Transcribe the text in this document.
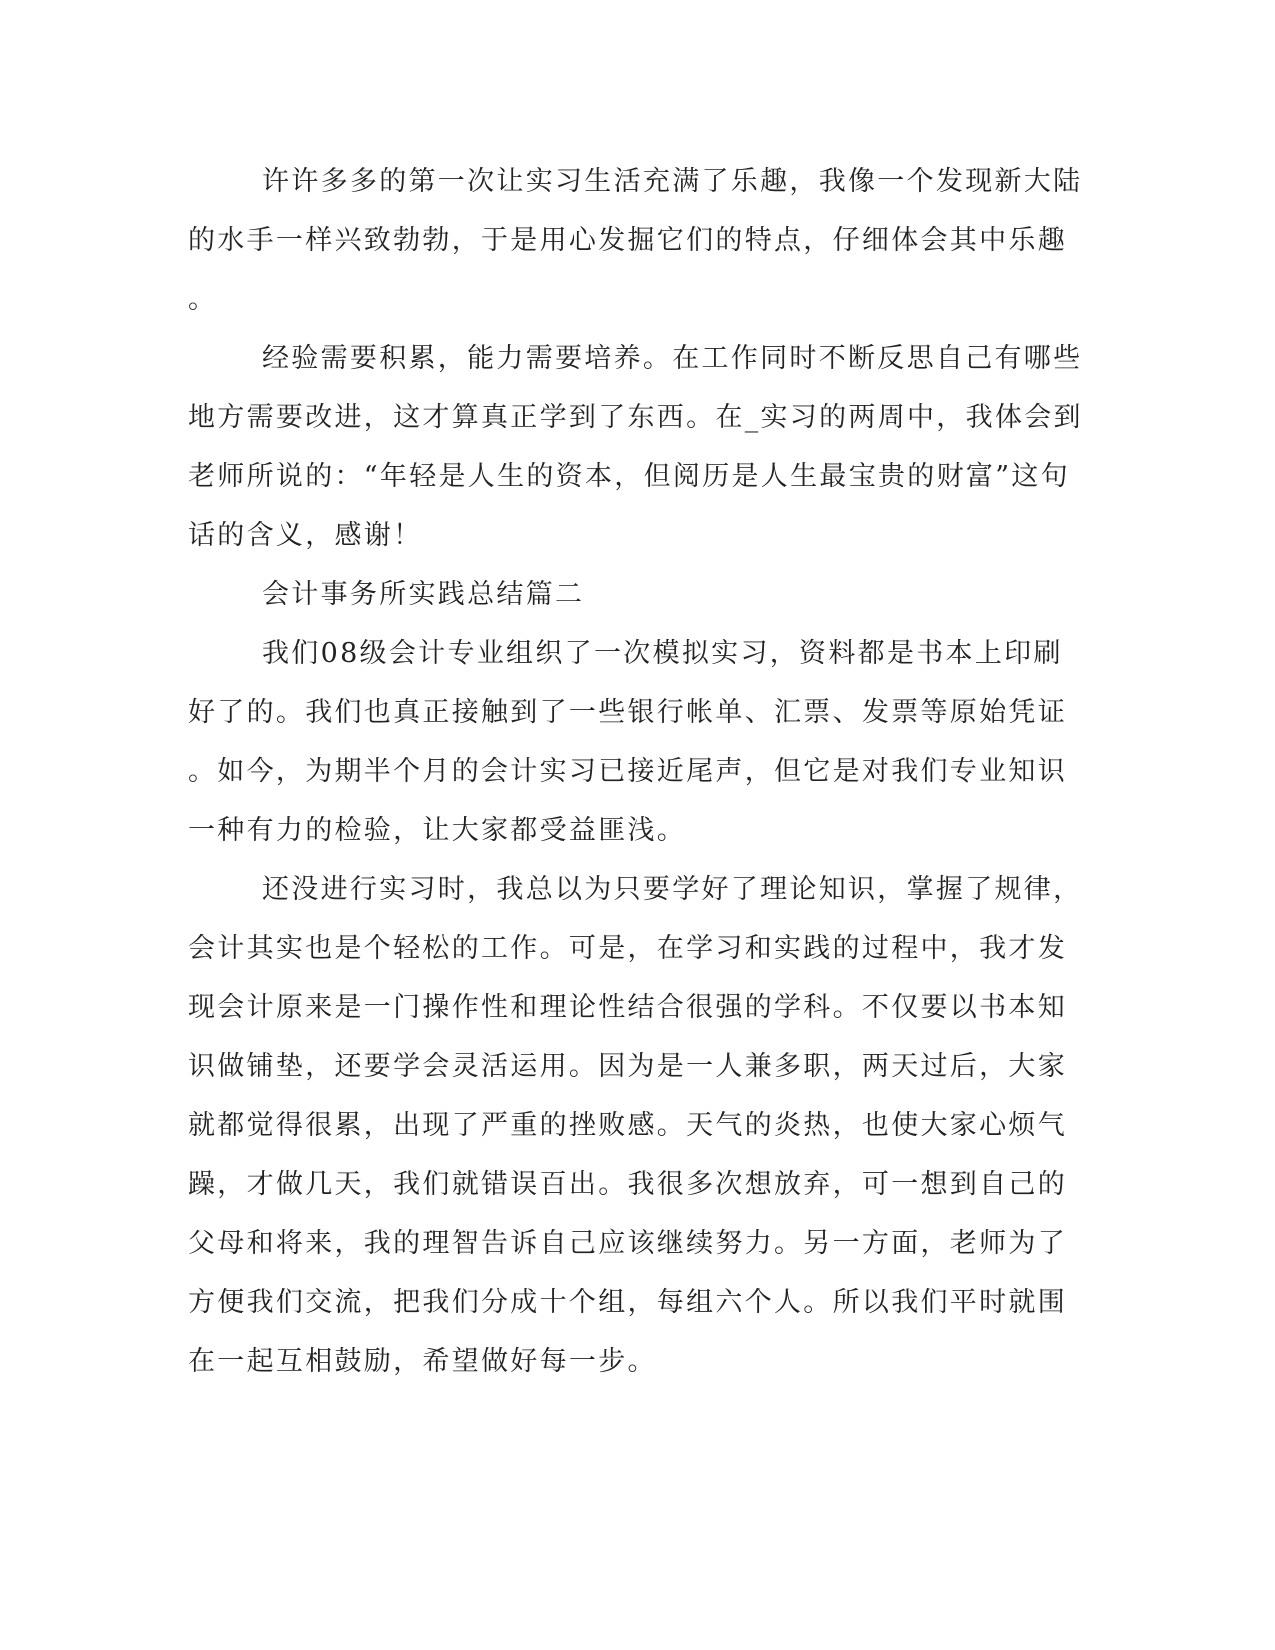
许许多多的第一次让实习生活充满了乐趣，我像一个发现新大陆

的水手一样兴致勃勃，于是用心发掘它们的特点，仔细体会其中乐趣

。

经验需要积累，能力需要培养。在工作同时不断反思自己有哪些

地方需要改进，这才算真正学到了东西。在_实习的两周中，我体会到

老师所说的：“年轻是人生的资本，但阅历是人生最宝贵的财富”这句

话的含义，感谢！

会计事务所实践总结篇二

我们08级会计专业组织了一次模拟实习，资料都是书本上印刷

好了的。我们也真正接触到了一些银行帐单、汇票、发票等原始凭证

。如今，为期半个月的会计实习已接近尾声，但它是对我们专业知识

一种有力的检验，让大家都受益匪浅。

还没进行实习时，我总以为只要学好了理论知识，掌握了规律，

会计其实也是个轻松的工作。可是，在学习和实践的过程中，我才发

现会计原来是一门操作性和理论性结合很强的学科。不仅要以书本知

识做铺垫，还要学会灵活运用。因为是一人兼多职，两天过后，大家

就都觉得很累，出现了严重的挫败感。天气的炎热，也使大家心烦气

躁，才做几天，我们就错误百出。我很多次想放弃，可一想到自己的

父母和将来，我的理智告诉自己应该继续努力。另一方面，老师为了

方便我们交流，把我们分成十个组，每组六个人。所以我们平时就围

在一起互相鼓励，希望做好每一步。
